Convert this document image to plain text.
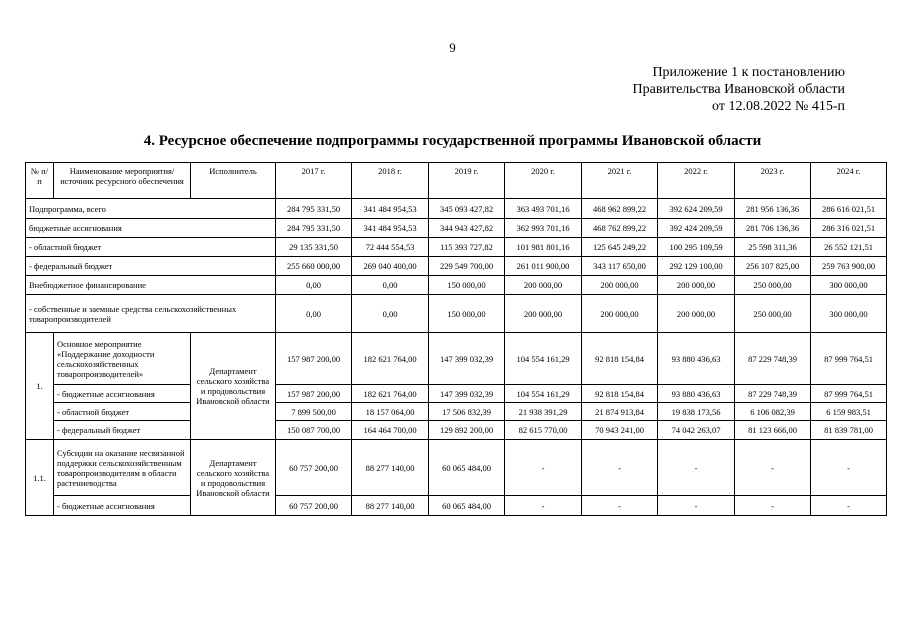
9
Приложение 1 к постановлению
Правительства Ивановской области
от 12.08.2022 № 415-п
4. Ресурсное обеспечение подпрограммы государственной программы Ивановской области
№ п/п	Наименование мероприятия/ источник ресурсного обеспечения	Исполнитель	2017 г.	2018 г.	2019 г.	2020 г.	2021 г.	2022 г.	2023 г.	2024 г.
Подпрограмма, всего			284 795 331,50	341 484 954,53	345 093 427,82	363 493 701,16	468 962 899,22	392 624 209,59	281 956 136,36	286 616 021,51
бюджетные ассигнования			284 795 331,50	341 484 954,53	344 943 427,82	362 993 701,16	468 762 899,22	392 424 209,59	281 706 136,36	286 316 021,51
- областной бюджет			29 135 331,50	72 444 554,53	115 393 727,82	101 981 801,16	125 645 249,22	100 295 109,59	25 598 311,36	26 552 121,51
- федеральный бюджет			255 660 000,00	269 040 400,00	229 549 700,00	261 011 900,00	343 117 650,00	292 129 100,00	256 107 825,00	259 763 900,00
Внебюджетное финансирование			0,00	0,00	150 000,00	200 000,00	200 000,00	200 000,00	250 000,00	300 000,00
- собственные и заемные средства сельскохозяйственных товаропроизводителей			0,00	0,00	150 000,00	200 000,00	200 000,00	200 000,00	250 000,00	300 000,00
1.	Основное мероприятие «Поддержание доходности сельскохозяйственных товаропроизводителей»	Департамент сельского хозяйства и продовольствия Ивановской области	157 987 200,00	182 621 764,00	147 399 032,39	104 554 161,29	92 818 154,84	93 880 436,63	87 229 748,39	87 999 764,51
	- бюджетные ассигнования		157 987 200,00	182 621 764,00	147 399 032,39	104 554 161,29	92 818 154,84	93 880 436,63	87 229 748,39	87 999 764,51
	- областной бюджет		7 899 500,00	18 157 064,00	17 506 832,39	21 938 391,29	21 874 913,84	19 838 173,56	6 106 082,39	6 159 983,51
	- федеральный бюджет		150 087 700,00	164 464 700,00	129 892 200,00	82 615 770,00	70 943 241,00	74 042 263,07	81 123 666,00	81 839 781,00
1.1.	Субсидии на оказание несвязанной поддержки сельскохозяйственным товаропроизводителям в области растениеводства	Департамент сельского хозяйства и продовольствия Ивановской области	60 757 200,00	88 277 140,00	60 065 484,00	-	-	-	-	-
	- бюджетные ассигнования		60 757 200,00	88 277 140,00	60 065 484,00	-	-	-	-	-
